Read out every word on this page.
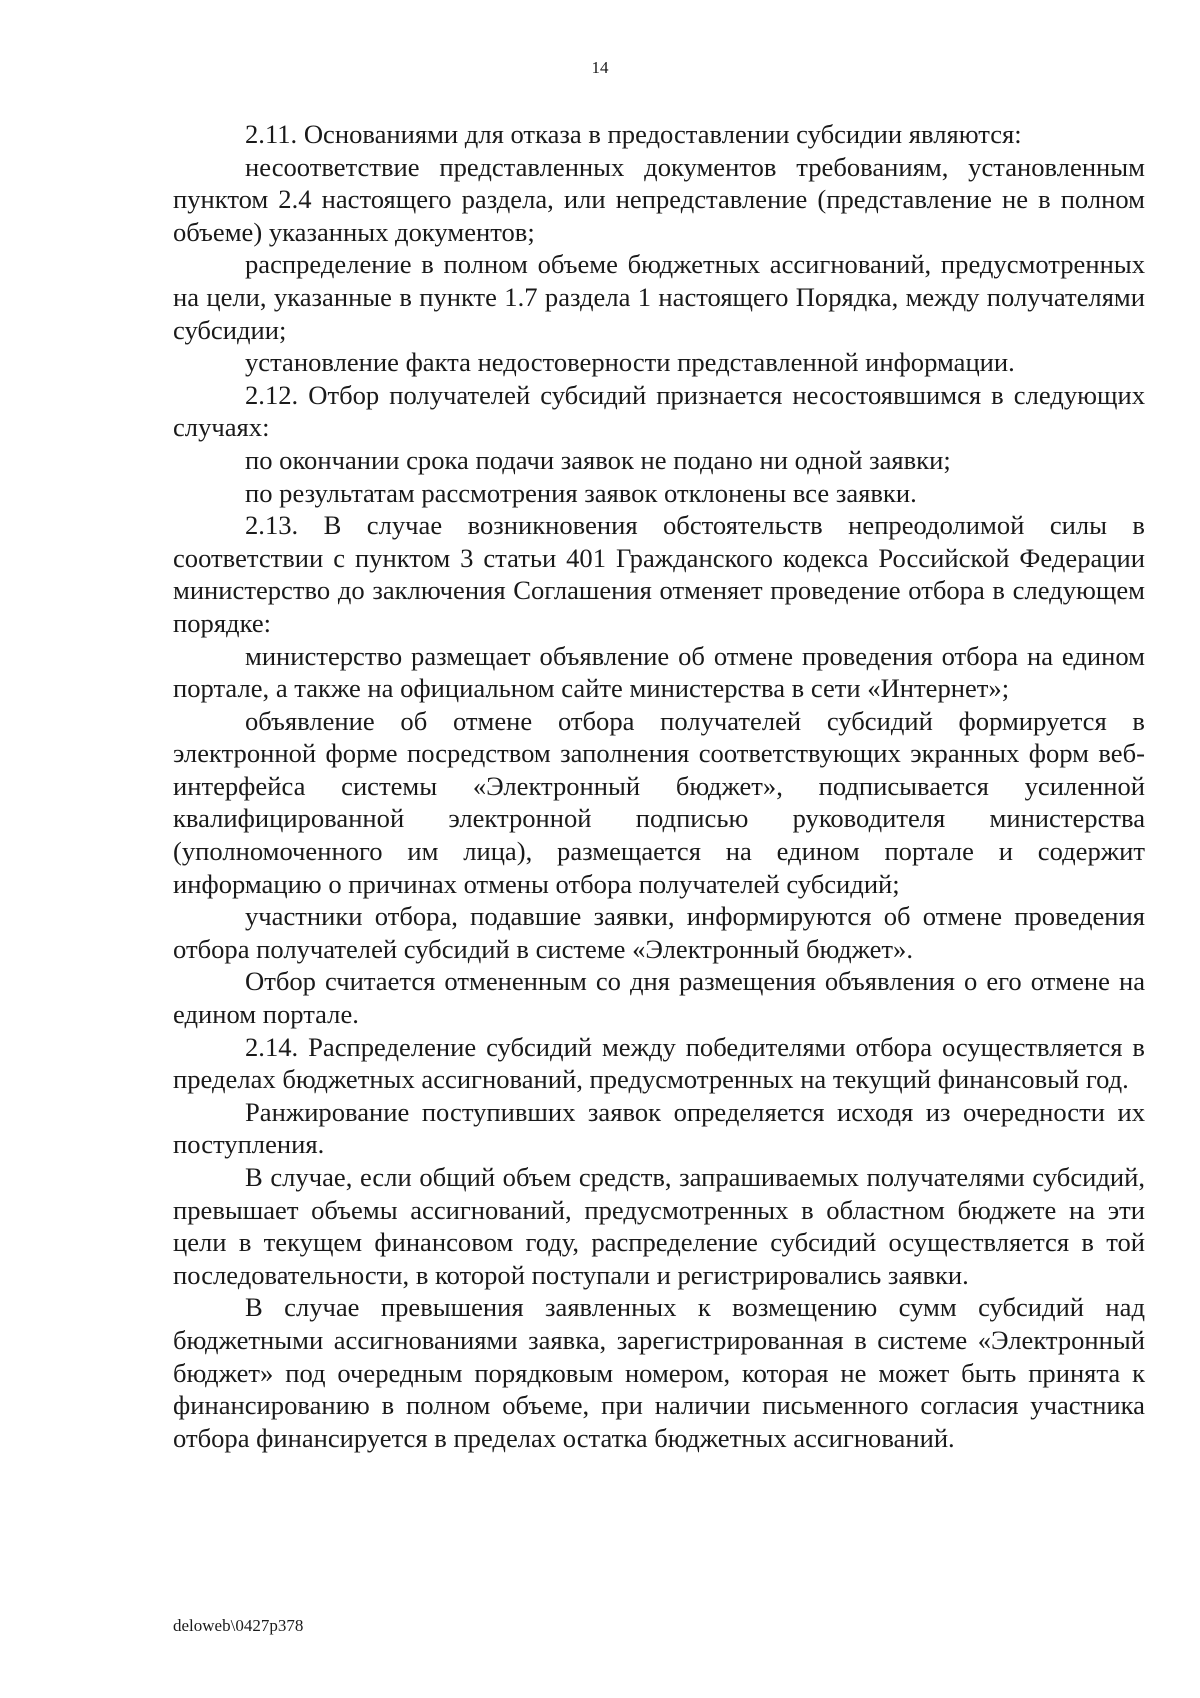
14

2.11. Основаниями для отказа в предоставлении субсидии являются:

несоответствие представленных документов требованиям, установленным пунктом 2.4 настоящего раздела, или непредставление (представление не в полном объеме) указанных документов;

распределение в полном объеме бюджетных ассигнований, предусмотренных на цели, указанные в пункте 1.7 раздела 1 настоящего Порядка, между получателями субсидии;

установление факта недостоверности представленной информации.

2.12. Отбор получателей субсидий признается несостоявшимся в следующих случаях:

по окончании срока подачи заявок не подано ни одной заявки;

по результатам рассмотрения заявок отклонены все заявки.

2.13. В случае возникновения обстоятельств непреодолимой силы в соответствии с пунктом 3 статьи 401 Гражданского кодекса Российской Федерации министерство до заключения Соглашения отменяет проведение отбора в следующем порядке:

министерство размещает объявление об отмене проведения отбора на едином портале, а также на официальном сайте министерства в сети «Интернет»;

объявление об отмене отбора получателей субсидий формируется в электронной форме посредством заполнения соответствующих экранных форм веб-интерфейса системы «Электронный бюджет», подписывается усиленной квалифицированной электронной подписью руководителя министерства (уполномоченного им лица), размещается на едином портале и содержит информацию о причинах отмены отбора получателей субсидий;

участники отбора, подавшие заявки, информируются об отмене проведения отбора получателей субсидий в системе «Электронный бюджет».

Отбор считается отмененным со дня размещения объявления о его отмене на едином портале.

2.14. Распределение субсидий между победителями отбора осуществляется в пределах бюджетных ассигнований, предусмотренных на текущий финансовый год.

Ранжирование поступивших заявок определяется исходя из очередности их поступления.

В случае, если общий объем средств, запрашиваемых получателями субсидий, превышает объемы ассигнований, предусмотренных в областном бюджете на эти цели в текущем финансовом году, распределение субсидий осуществляется в той последовательности, в которой поступали и регистрировались заявки.

В случае превышения заявленных к возмещению сумм субсидий над бюджетными ассигнованиями заявка, зарегистрированная в системе «Электронный бюджет» под очередным порядковым номером, которая не может быть принята к финансированию в полном объеме, при наличии письменного согласия участника отбора финансируется в пределах остатка бюджетных ассигнований.

deloweb\0427p378
